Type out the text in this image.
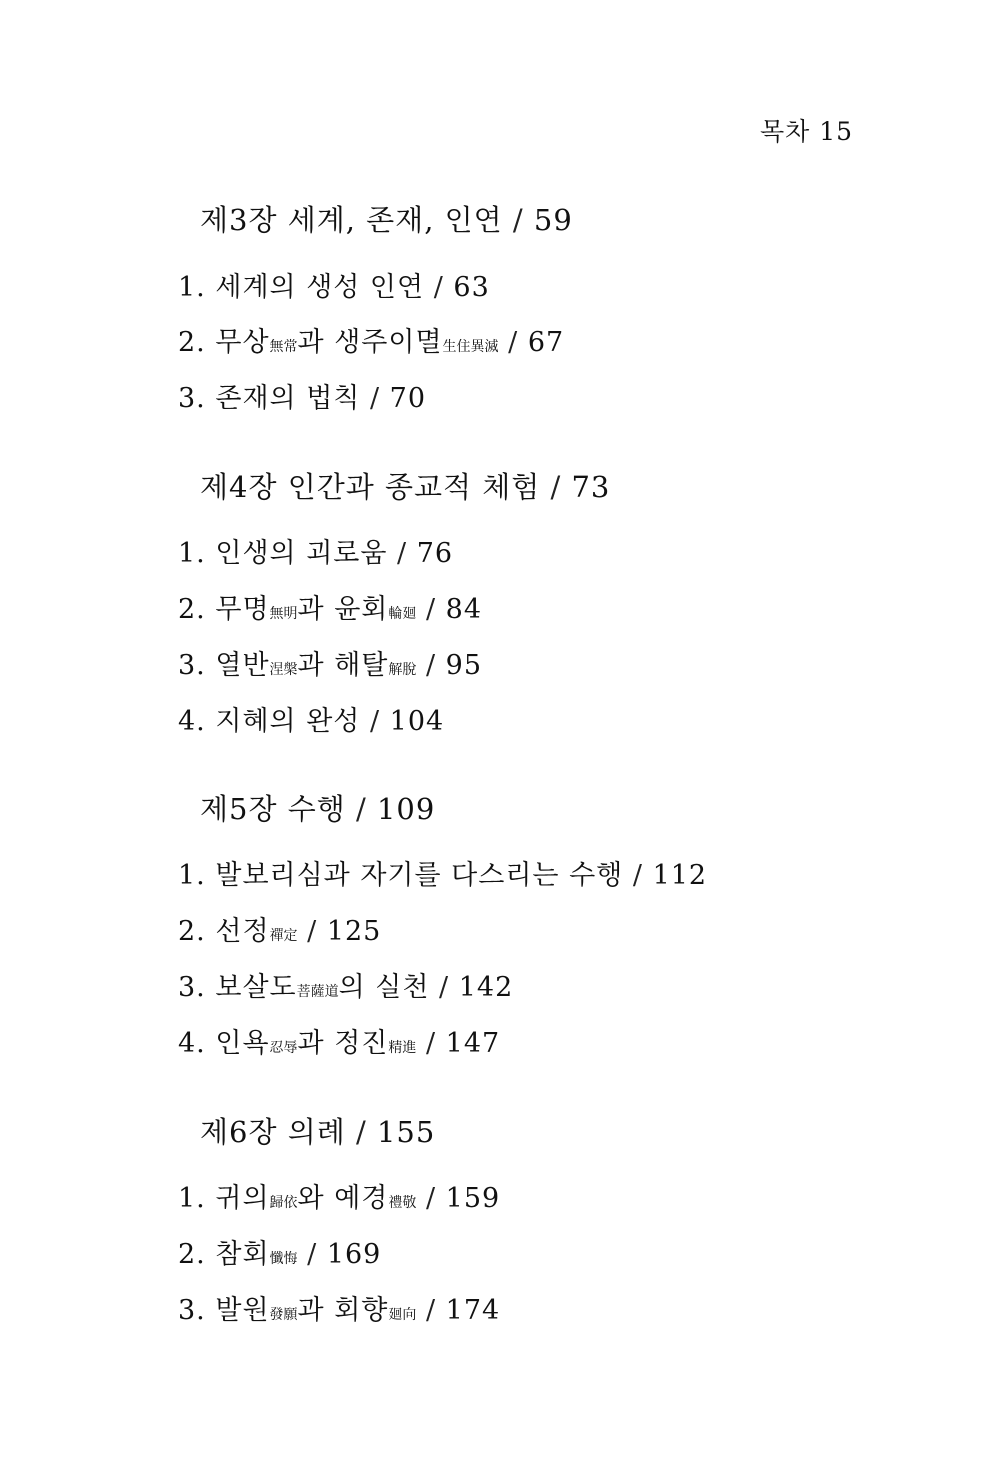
목차 15
제3장 세계, 존재, 인연 / 59
1. 세계의 생성 인연 / 63
2. 무상無常과 생주이멸生住異滅 / 67
3. 존재의 법칙 / 70
제4장 인간과 종교적 체험 / 73
1. 인생의 괴로움 / 76
2. 무명無明과 윤회輪廻 / 84
3. 열반涅槃과 해탈解脫 / 95
4. 지혜의 완성 / 104
제5장 수행 / 109
1. 발보리심과 자기를 다스리는 수행 / 112
2. 선정禪定 / 125
3. 보살도菩薩道의 실천 / 142
4. 인욕忍辱과 정진精進 / 147
제6장 의례 / 155
1. 귀의歸依와 예경禮敬 / 159
2. 참회懺悔 / 169
3. 발원發願과 회향廻向 / 174
